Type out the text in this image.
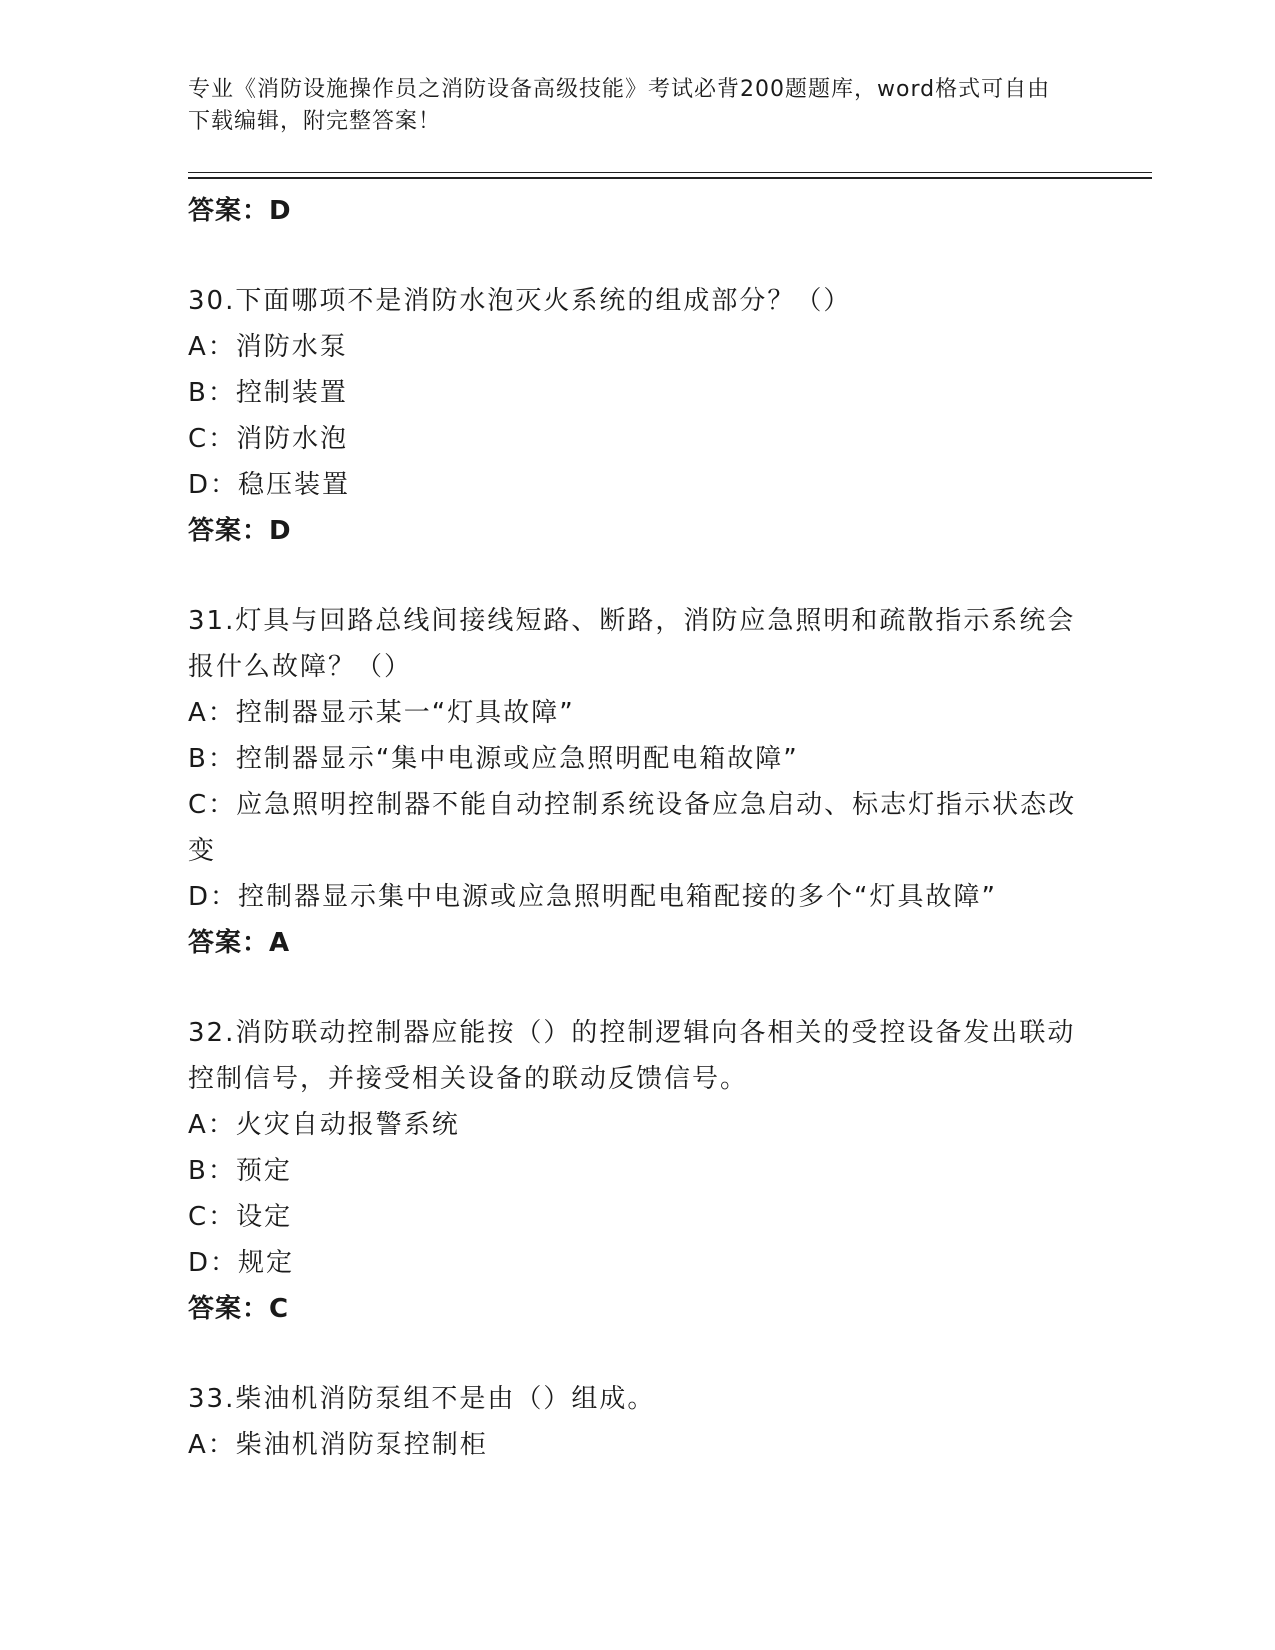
专业《消防设施操作员之消防设备高级技能》考试必背200题题库，word格式可自由下载编辑，附完整答案！
答案：D
30.下面哪项不是消防水泡灭火系统的组成部分？（）
A：消防水泵
B：控制装置
C：消防水泡
D：稳压装置
答案：D
31.灯具与回路总线间接线短路、断路，消防应急照明和疏散指示系统会报什么故障？（）
A：控制器显示某一“灯具故障”
B：控制器显示“集中电源或应急照明配电箱故障”
C：应急照明控制器不能自动控制系统设备应急启动、标志灯指示状态改变
D：控制器显示集中电源或应急照明配电箱配接的多个“灯具故障”
答案：A
32.消防联动控制器应能按（）的控制逻辑向各相关的受控设备发出联动控制信号，并接受相关设备的联动反馈信号。
A：火灾自动报警系统
B：预定
C：设定
D：规定
答案：C
33.柴油机消防泵组不是由（）组成。
A：柴油机消防泵控制柜
